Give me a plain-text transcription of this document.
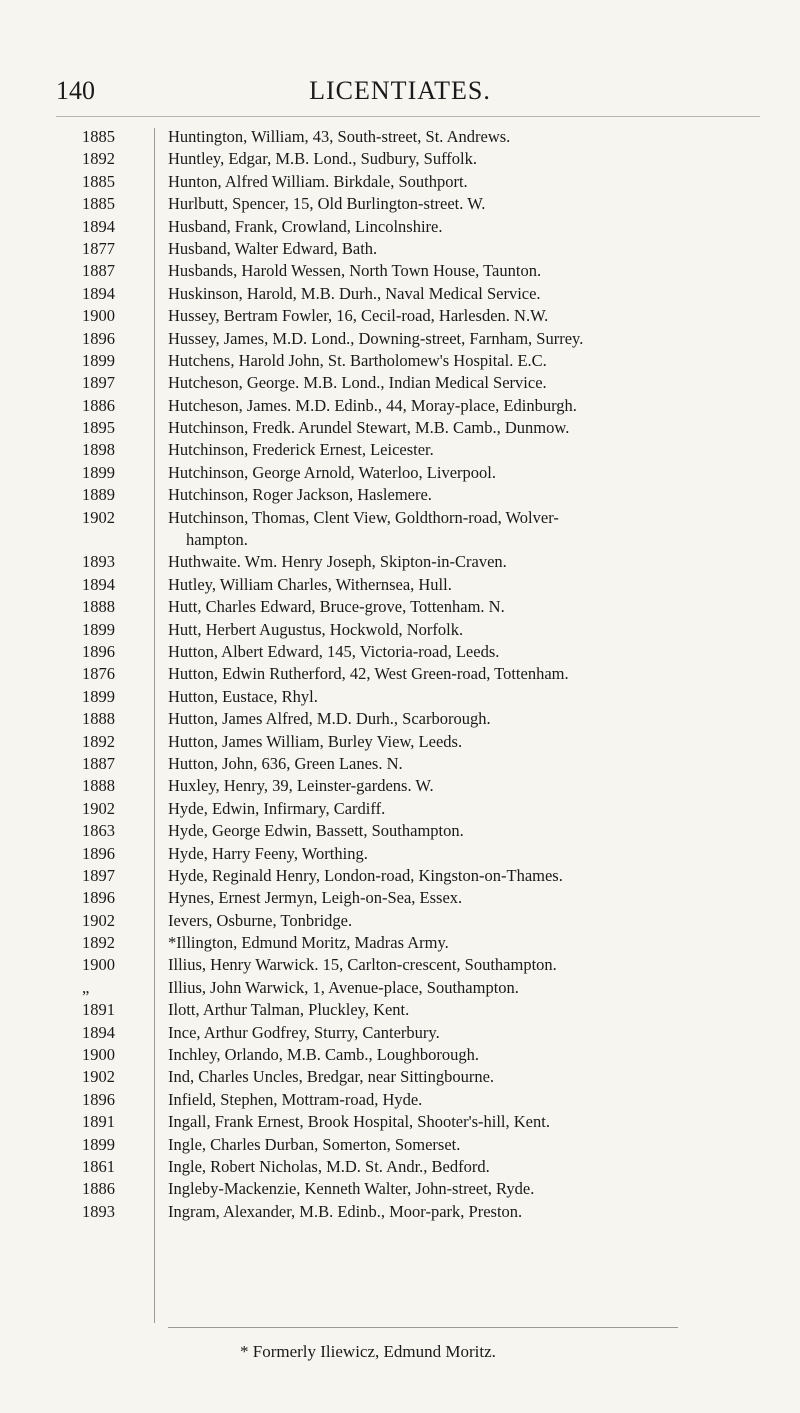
140	LICENTIATES.
1885	Huntington, William, 43, South-street, St. Andrews.
1892	Huntley, Edgar, M.B. Lond., Sudbury, Suffolk.
1885	Hunton, Alfred William. Birkdale, Southport.
1885	Hurlbutt, Spencer, 15, Old Burlington-street. W.
1894	Husband, Frank, Crowland, Lincolnshire.
1877	Husband, Walter Edward, Bath.
1887	Husbands, Harold Wessen, North Town House, Taunton.
1894	Huskinson, Harold, M.B. Durh., Naval Medical Service.
1900	Hussey, Bertram Fowler, 16, Cecil-road, Harlesden. N.W.
1896	Hussey, James, M.D. Lond., Downing-street, Farnham, Surrey.
1899	Hutchens, Harold John, St. Bartholomew's Hospital. E.C.
1897	Hutcheson, George. M.B. Lond., Indian Medical Service.
1886	Hutcheson, James. M.D. Edinb., 44, Moray-place, Edinburgh.
1895	Hutchinson, Fredk. Arundel Stewart, M.B. Camb., Dunmow.
1898	Hutchinson, Frederick Ernest, Leicester.
1899	Hutchinson, George Arnold, Waterloo, Liverpool.
1889	Hutchinson, Roger Jackson, Haslemere.
1902	Hutchinson, Thomas, Clent View, Goldthorn-road, Wolver-
hampton.
1893	Huthwaite. Wm. Henry Joseph, Skipton-in-Craven.
1894	Hutley, William Charles, Withernsea, Hull.
1888	Hutt, Charles Edward, Bruce-grove, Tottenham. N.
1899	Hutt, Herbert Augustus, Hockwold, Norfolk.
1896	Hutton, Albert Edward, 145, Victoria-road, Leeds.
1876	Hutton, Edwin Rutherford, 42, West Green-road, Tottenham.
1899	Hutton, Eustace, Rhyl.
1888	Hutton, James Alfred, M.D. Durh., Scarborough.
1892	Hutton, James William, Burley View, Leeds.
1887	Hutton, John, 636, Green Lanes. N.
1888	Huxley, Henry, 39, Leinster-gardens. W.
1902	Hyde, Edwin, Infirmary, Cardiff.
1863	Hyde, George Edwin, Bassett, Southampton.
1896	Hyde, Harry Feeny, Worthing.
1897	Hyde, Reginald Henry, London-road, Kingston-on-Thames.
1896	Hynes, Ernest Jermyn, Leigh-on-Sea, Essex.
1902	Ievers, Osburne, Tonbridge.
1892	*Illington, Edmund Moritz, Madras Army.
1900	Illius, Henry Warwick. 15, Carlton-crescent, Southampton.
„	Illius, John Warwick, 1, Avenue-place, Southampton.
1891	Ilott, Arthur Talman, Pluckley, Kent.
1894	Ince, Arthur Godfrey, Sturry, Canterbury.
1900	Inchley, Orlando, M.B. Camb., Loughborough.
1902	Ind, Charles Uncles, Bredgar, near Sittingbourne.
1896	Infield, Stephen, Mottram-road, Hyde.
1891	Ingall, Frank Ernest, Brook Hospital, Shooter's-hill, Kent.
1899	Ingle, Charles Durban, Somerton, Somerset.
1861	Ingle, Robert Nicholas, M.D. St. Andr., Bedford.
1886	Ingleby-Mackenzie, Kenneth Walter, John-street, Ryde.
1893	Ingram, Alexander, M.B. Edinb., Moor-park, Preston.
* Formerly Iliewicz, Edmund Moritz.
